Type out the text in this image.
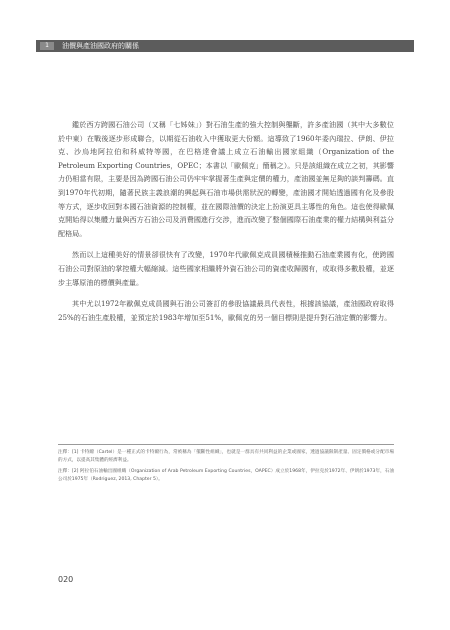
1	油價與產油國政府的關係

鑑於西方跨國石油公司（又稱「七姊妹」）對石油生產的強大控制與壟斷，許多產油國（其中大多數位於中東）在戰後逐步形成聯合，以期從石油收入中獲取更大份額。這導致了1960年委內瑞拉、伊朗、伊拉克、沙烏地阿拉伯和科威特等國，在巴格達會議上成立石油輸出國家組織（Organization of the Petroleum Exporting Countries，OPEC；本書以「歐佩克」簡稱之）。只是該組織在成立之初，其影響力仍相當有限，主要是因為跨國石油公司仍牢牢掌握著生產與定價的權力，產油國並無足夠的談判籌碼。直到1970年代初期，隨著民族主義浪潮的興起與石油市場供需狀況的轉變，產油國才開始透過國有化及參股等方式，逐步收回對本國石油資源的控制權，並在國際油價的決定上扮演更具主導性的角色。這也使得歐佩克開始得以集體力量與西方石油公司及消費國進行交涉，進而改變了整個國際石油產業的權力結構與利益分配格局。

然而以上這種美好的情景卻很快有了改變，1970年代歐佩克成員國積極推動石油產業國有化，使跨國石油公司對原油的掌控權大幅縮減。這些國家相繼將外資石油公司的資產收歸國有，或取得多數股權，並逐步主導原油的標價與產量。

其中尤以1972年歐佩克成員國與石油公司簽訂的參股協議最具代表性，根據該協議，產油國政府取得25%的石油生產股權，並預定於1983年增加至51%，歐佩克的另一個目標則是提升對石油定價的影響力。

注釋：[1] 卡特爾（Cartel）是一種正式的卡特爾行為，常被稱為「壟斷性組織」，也就是一群具有共同利益的企業或國家，透過協議限制產量、固定價格或分配市場的方式，以提高其集體的經濟利益。

注釋：[2] 阿拉伯石油輸出國組織（Organization of Arab Petroleum Exporting Countries，OAPEC）成立於1968年，伊拉克於1972年、伊朗於1973年，石油公司於1975年（Rodriguez, 2013, Chapter 5）。

020
